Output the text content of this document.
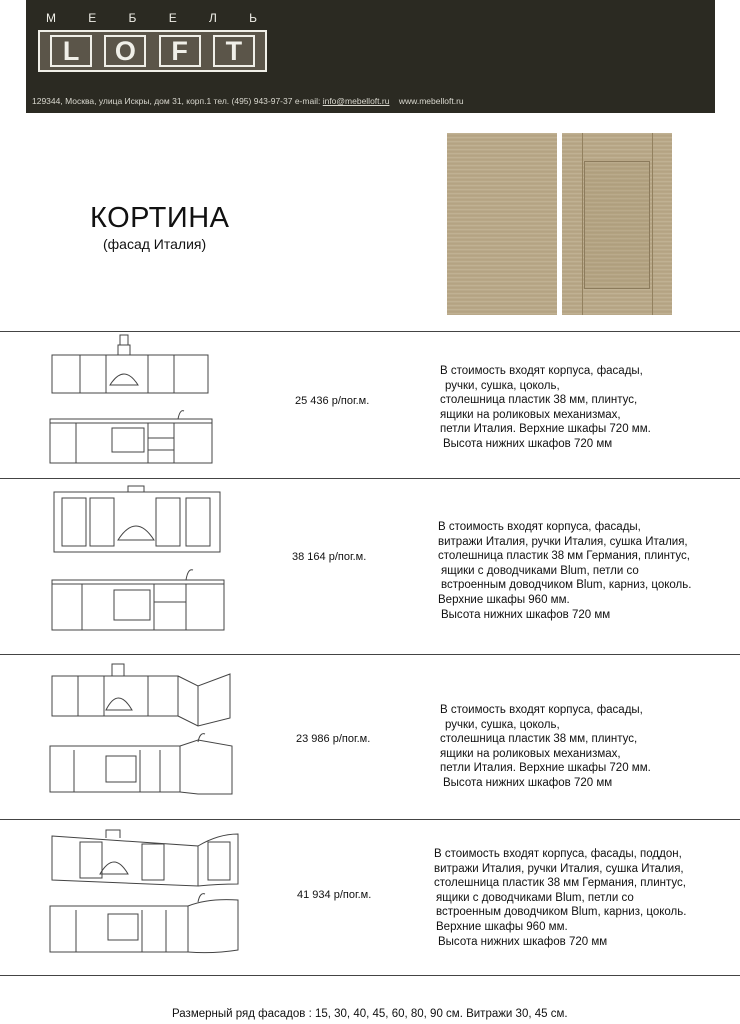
М	Е	Б	Е	Л	Ь
L	O	F	T
129344, Москва, улица Искры, дом 31, корп.1 тел. (495) 943-97-37 e-mail: info@mebelloft.ru www.mebelloft.ru
КОРТИНА
(фасад Италия)
25 436 р/пог.м.
В стоимость входят корпуса, фасады,
ручки, сушка, цоколь,
столешница пластик 38 мм, плинтус,
ящики на роликовых механизмах,
петли Италия. Верхние шкафы 720 мм.
Высота нижних шкафов 720 мм
38 164 р/пог.м.
В стоимость входят корпуса, фасады,
витражи Италия, ручки Италия, сушка Италия,
столешница пластик 38 мм Германия, плинтус,
ящики с доводчиками Blum, петли со
встроенным доводчиком Blum, карниз, цоколь.
Верхние шкафы 960 мм.
Высота нижних шкафов 720 мм
23 986 р/пог.м.
В стоимость входят корпуса, фасады,
ручки, сушка, цоколь,
столешница пластик 38 мм, плинтус,
ящики на роликовых механизмах,
петли Италия. Верхние шкафы 720 мм.
Высота нижних шкафов 720 мм
41 934 р/пог.м.
В стоимость входят корпуса, фасады, поддон,
витражи Италия, ручки Италия, сушка Италия,
столешница пластик 38 мм Германия, плинтус,
ящики с доводчиками Blum, петли со
встроенным доводчиком Blum, карниз, цоколь.
Верхние шкафы 960 мм.
Высота нижних шкафов 720 мм
Размерный ряд фасадов : 15, 30, 40, 45, 60, 80, 90 см. Витражи 30, 45 см.
